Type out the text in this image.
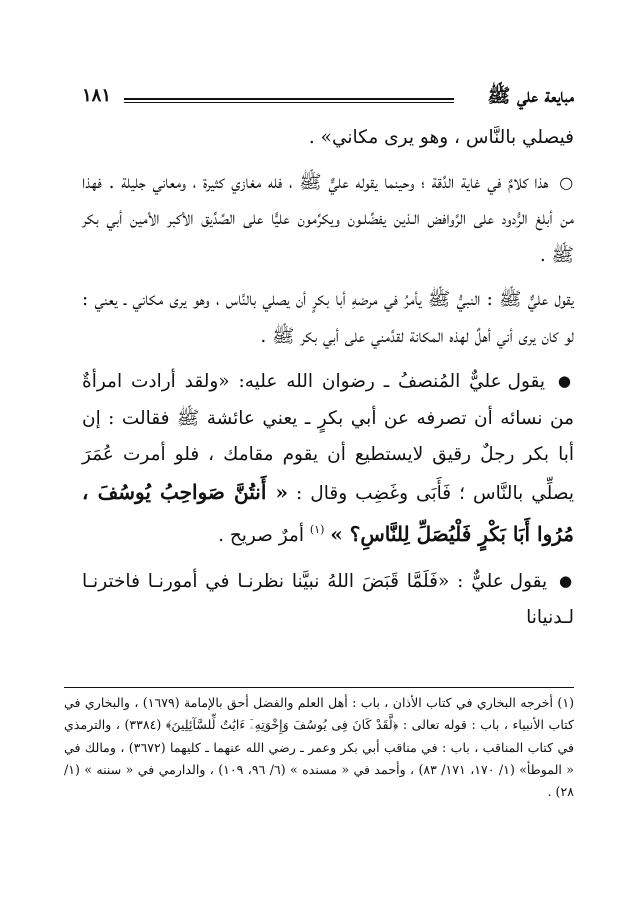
مبايعة علي ﷺ
١٨١

فيصلي بالنَّاس ، وهو يرى مكاني» .

○ هذا كلامٌ في غاية الدِّقة ؛ وحينما يقوله عليٌّ ﷺ ، فله مغازي كثيرة ، ومعاني جليلة . فهذا من أبلغ الرُّدود على الرَّوافض الـذين يفضِّلـون ويكرِّمون عليًّا على الصِّدِّيق الأكبر الأمين أبي بكر ﷺ .

يقول عليٌّ ﷺ : النبيُّ ﷺ يأمرُ في مرضهِ أبا بكرٍ أن يصلي بالنَّاس ، وهو يرى مكاني ـ يعني : لو كان يرى أني أهلٌ لهذه المكانة لقدَّمني على أبي بكر ﷺ .

● يقول عليٌّ المُنصفُ ـ رضوان الله عليه: «ولقد أرادت امرأةٌ من نسائه أن تصرفه عن أبي بكرٍ ـ يعني عائشة ﷺ فقالت : إن أبا بكر رجلٌ رقيق لايستطيع أن يقوم مقامك ، فلو أمرت عُمَرَ يصلِّي بالنَّاس ؛ فَأَبَى وغَضِب وقال : « أَنتُنَّ صَواحِبُ يُوسُفَ ، مُرُوا أَبَا بَكْرٍ فَلْيُصَلِّ لِلنَّاسِ؟ » $^{(١)}$ أمرٌ صريح .

● يقول عليٌّ : «فَلَمَّا قَبَضَ اللهُ نبيَّنا نظرنـا في أمورنـا فاخترنـا لـدنيانا

(١) أخرجه البخاري في كتاب الأذان ، باب : أهل العلم والفضل أحق بالإمامة (١٦٧٩) ، والبخاري في كتاب الأنبياء ، باب : قوله تعالى : ﴿لَّقَدْ كَانَ فِى يُوسُفَ وَإِخْوَتِهِۦٓ ءَايَٰتٌ لِّلسَّآئِلِينَ﴾ (٣٣٨٤) ، والترمذي في كتاب المناقب ، باب : في مناقب أبي بكر وعمر ـ رضي الله عنهما ـ كليهما (٣٦٧٢) ، ومالك في « الموطأ» (١/ ١٧٠، ١٧١/ ٨٣) ، وأحمد في « مسنده » (٦/ ٩٦، ١٠٩) ، والدارمي في « سننه » (١/ ٢٨) .
